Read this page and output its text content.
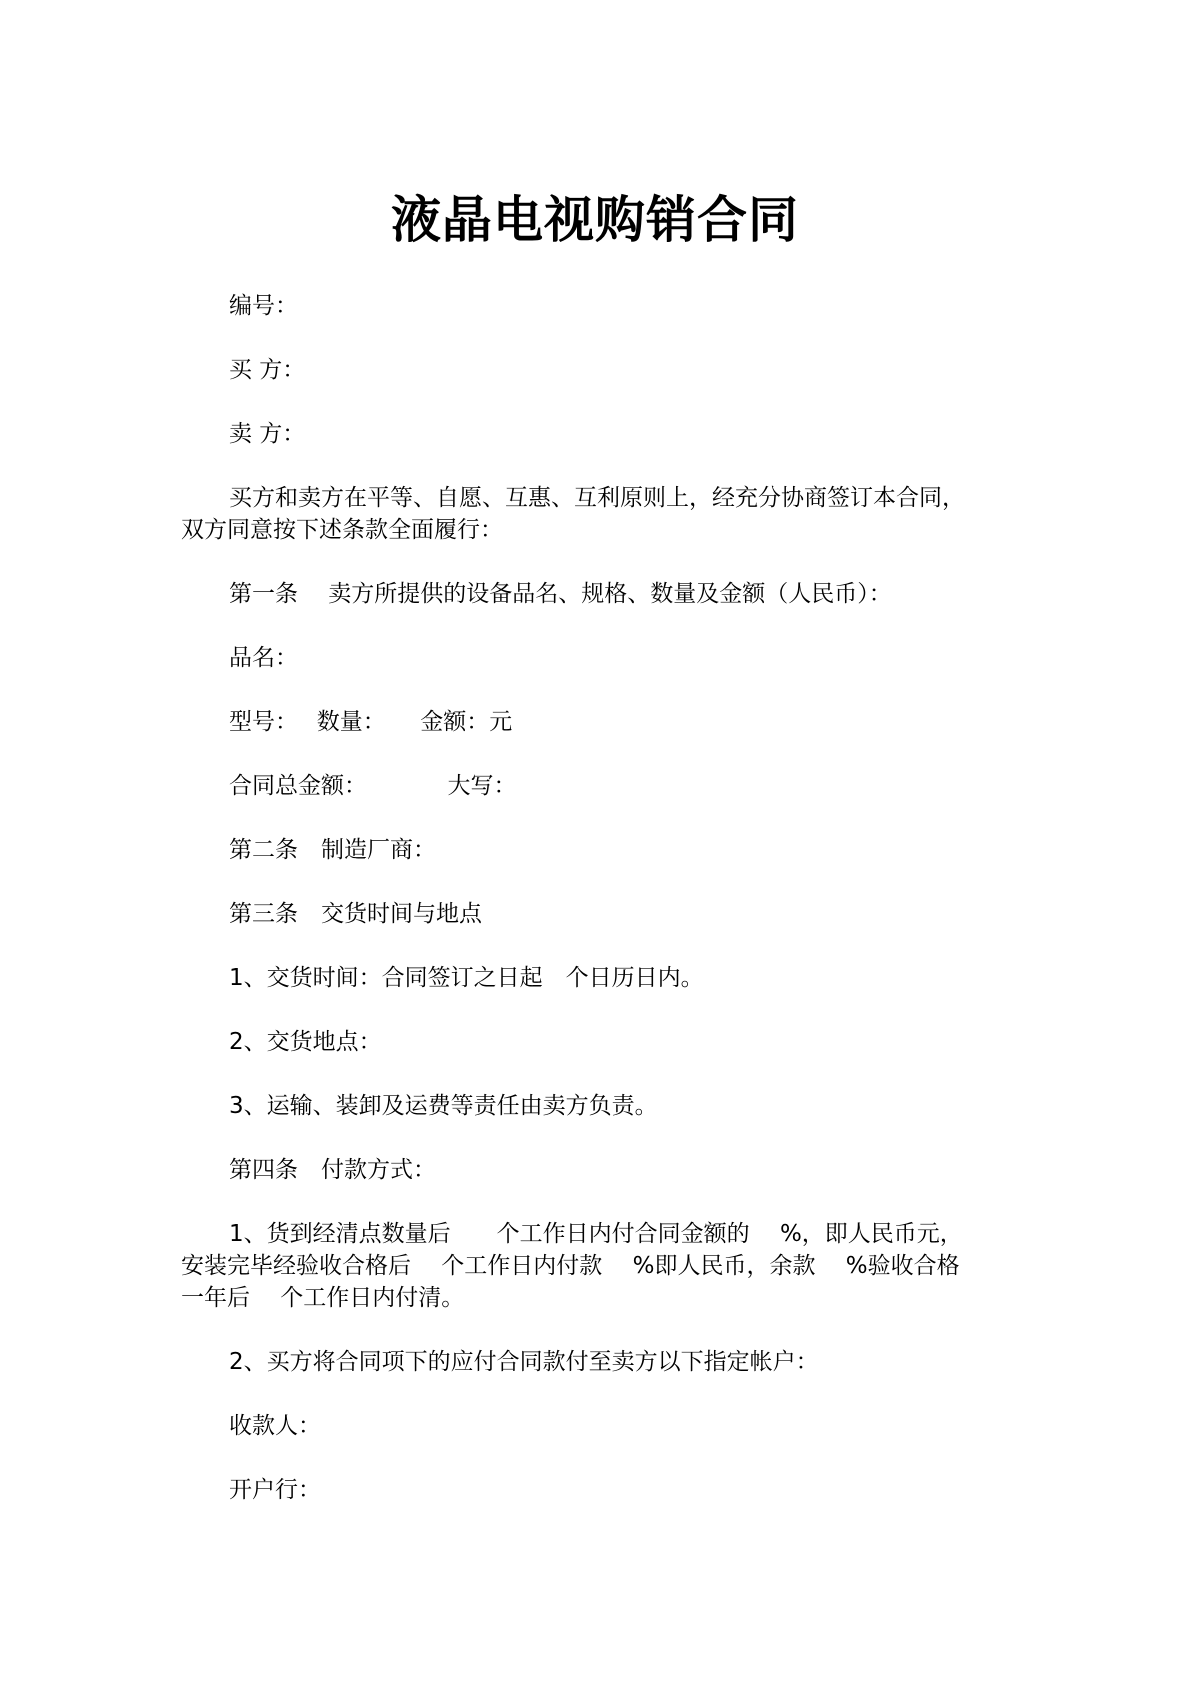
液晶电视购销合同
编号：
买 方：
卖 方：
买方和卖方在平等、自愿、互惠、互利原则上，经充分协商签订本合同，
双方同意按下述条款全面履行：
第一条　 卖方所提供的设备品名、规格、数量及金额（人民币）：
品名：
型号：　 数量：　　金额：元
合同总金额：　　　　大写：
第二条　制造厂商：
第三条　交货时间与地点
1、交货时间：合同签订之日起　个日历日内。
2、交货地点：
3、运输、装卸及运费等责任由卖方负责。
第四条　付款方式：
1、货到经清点数量后　　个工作日内付合同金额的　 %，即人民币元，
安装完毕经验收合格后　 个工作日内付款　 %即人民币，余款　 %验收合格
一年后　 个工作日内付清。
2、买方将合同项下的应付合同款付至卖方以下指定帐户：
收款人：
开户行：
